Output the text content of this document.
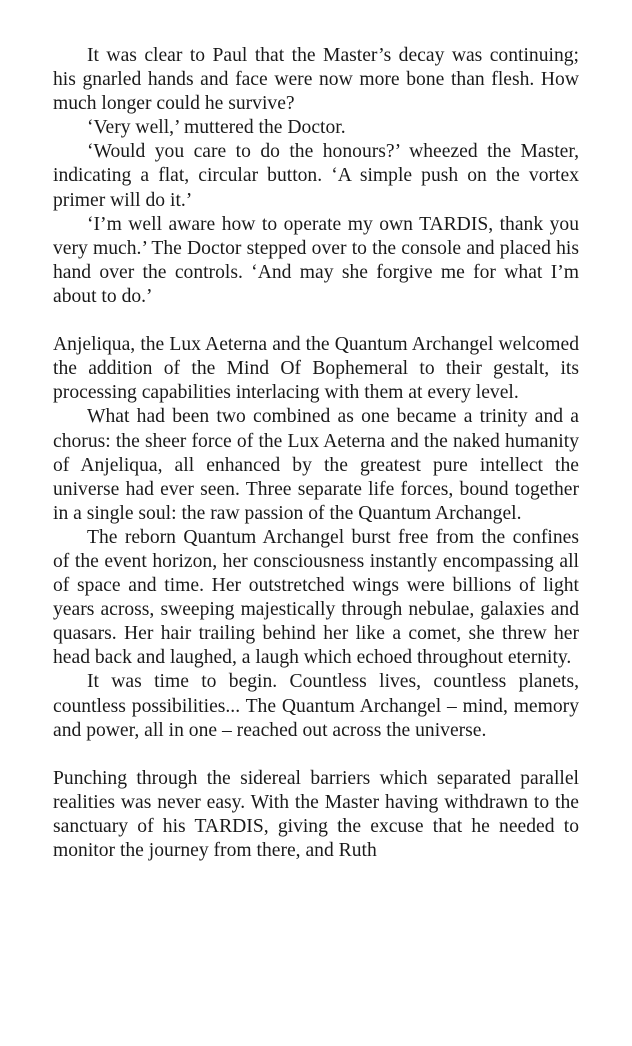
It was clear to Paul that the Master’s decay was continuing; his gnarled hands and face were now more bone than flesh. How much longer could he survive?

‘Very well,’ muttered the Doctor.

‘Would you care to do the honours?’ wheezed the Master, indicating a flat, circular button. ‘A simple push on the vortex primer will do it.’

‘I’m well aware how to operate my own TARDIS, thank you very much.’ The Doctor stepped over to the console and placed his hand over the controls. ‘And may she forgive me for what I’m about to do.’

Anjeliqua, the Lux Aeterna and the Quantum Archangel welcomed the addition of the Mind Of Bophemeral to their gestalt, its processing capabilities interlacing with them at every level.

What had been two combined as one became a trinity and a chorus: the sheer force of the Lux Aeterna and the naked humanity of Anjeliqua, all enhanced by the greatest pure intellect the universe had ever seen. Three separate life forces, bound together in a single soul: the raw passion of the Quantum Archangel.

The reborn Quantum Archangel burst free from the confines of the event horizon, her consciousness instantly encompassing all of space and time. Her outstretched wings were billions of light years across, sweeping majestically through nebulae, galaxies and quasars. Her hair trailing behind her like a comet, she threw her head back and laughed, a laugh which echoed throughout eternity.

It was time to begin. Countless lives, countless planets, countless possibilities... The Quantum Archangel – mind, memory and power, all in one – reached out across the universe.

Punching through the sidereal barriers which separated parallel realities was never easy. With the Master having withdrawn to the sanctuary of his TARDIS, giving the excuse that he needed to monitor the journey from there, and Ruth
